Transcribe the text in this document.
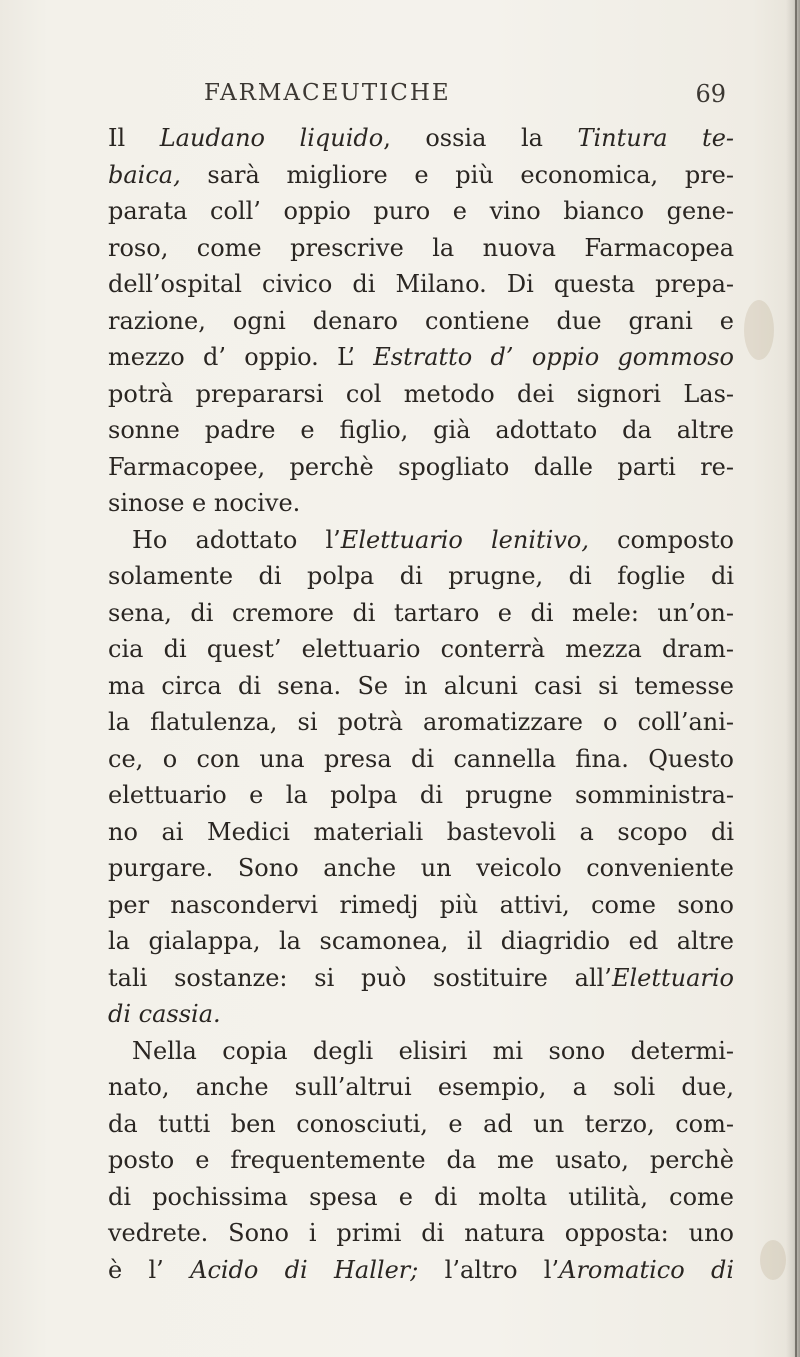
FARMACEUTICHE	69
Il Laudano liquido, ossia la Tintura te-
baica, sarà migliore e più economica, pre-
parata coll’ oppio puro e vino bianco gene-
roso, come prescrive la nuova Farmacopea
dell’ospital civico di Milano. Di questa prepa-
razione, ogni denaro contiene due grani e
mezzo d’ oppio. L’ Estratto d’ oppio gommoso
potrà prepararsi col metodo dei signori Las-
sonne padre e figlio, già adottato da altre
Farmacopee, perchè spogliato dalle parti re-
sinose e nocive.
Ho adottato l’Elettuario lenitivo, composto
solamente di polpa di prugne, di foglie di
sena, di cremore di tartaro e di mele: un’on-
cia di quest’ elettuario conterrà mezza dram-
ma circa di sena. Se in alcuni casi si temesse
la flatulenza, si potrà aromatizzare o coll’ani-
ce, o con una presa di cannella fina. Questo
elettuario e la polpa di prugne somministra-
no ai Medici materiali bastevoli a scopo di
purgare. Sono anche un veicolo conveniente
per nascondervi rimedj più attivi, come sono
la gialappa, la scamonea, il diagridio ed altre
tali sostanze: si può sostituire all’Elettuario
di cassia.
Nella copia degli elisiri mi sono determi-
nato, anche sull’altrui esempio, a soli due,
da tutti ben conosciuti, e ad un terzo, com-
posto e frequentemente da me usato, perchè
di pochissima spesa e di molta utilità, come
vedrete. Sono i primi di natura opposta: uno
è l’ Acido di Haller; l’altro l’Aromatico di
